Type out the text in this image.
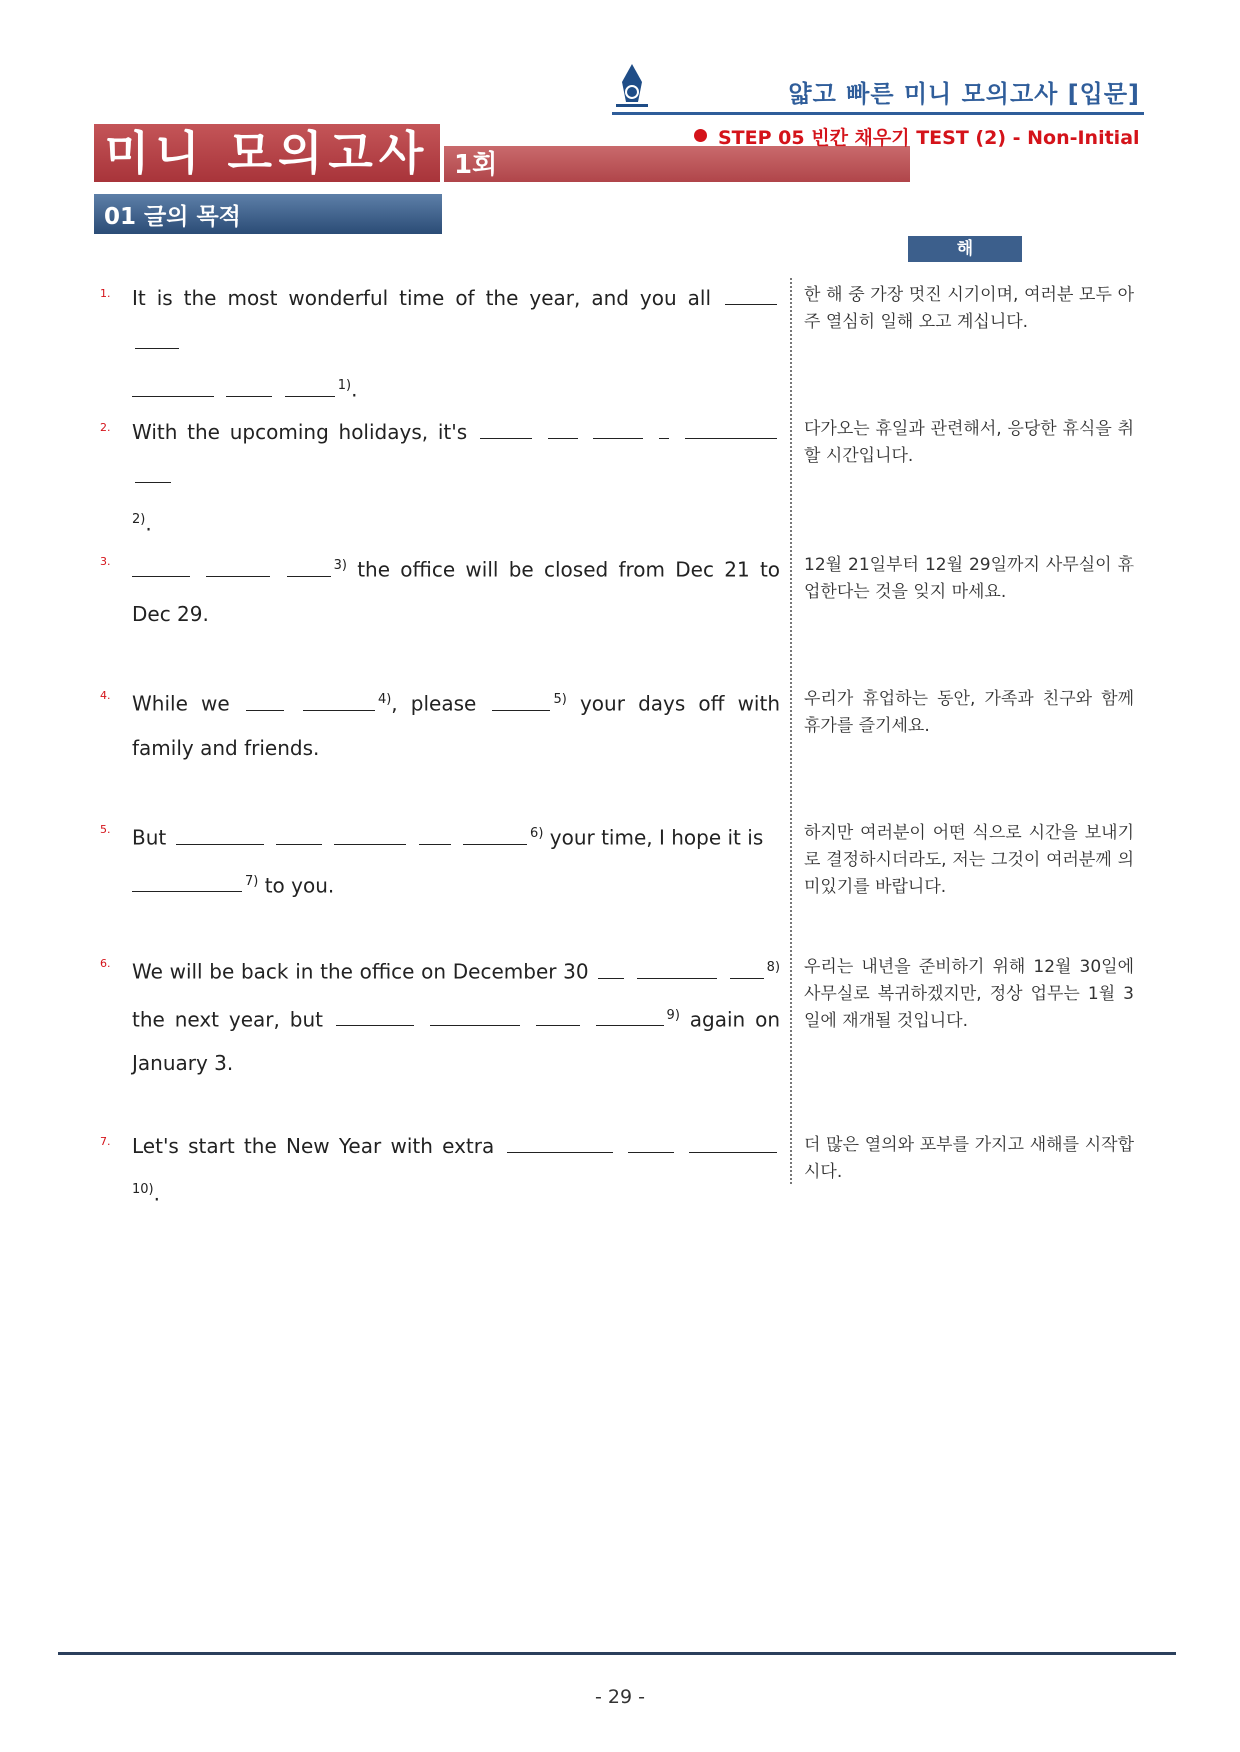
얇고 빠른 미니 모의고사 [입문]
미니 모의고사 1회
STEP 05 빈칸 채우기 TEST (2) - Non-Initial
01 글의 목적
해 석
1. It is the most wonderful time of the year, and you all
$^{1)}$.
한 해 중 가장 멋진 시기이며, 여러분 모두 아주 열심히 일해 오고 계십니다.
2. With the upcoming holidays, it's
$^{2)}$.
다가오는 휴일과 관련해서, 응당한 휴식을 취할 시간입니다.
3.	$^{3)}$ the office will be closed from Dec 21 to Dec 29.
12월 21일부터 12월 29일까지 사무실이 휴업한다는 것을 잊지 마세요.
4. While we	$^{4)}$, please	$^{5)}$ your days off with family and friends.
우리가 휴업하는 동안, 가족과 친구와 함께 휴가를 즐기세요.
5. But	$^{6)}$ your time, I hope it is
$^{7)}$ to you.
하지만 여러분이 어떤 식으로 시간을 보내기로 결정하시더라도, 저는 그것이 여러분께 의미있기를 바랍니다.
6. We will be back in the office on December 30	$^{8)}$ the next year, but	$^{9)}$ again on January 3.
우리는 내년을 준비하기 위해 12월 30일에 사무실로 복귀하겠지만, 정상 업무는 1월 3일에 재개될 것입니다.
7. Let's start the New Year with extra   $^{10)}$.
더 많은 열의와 포부를 가지고 새해를 시작합시다.
- 29 -
